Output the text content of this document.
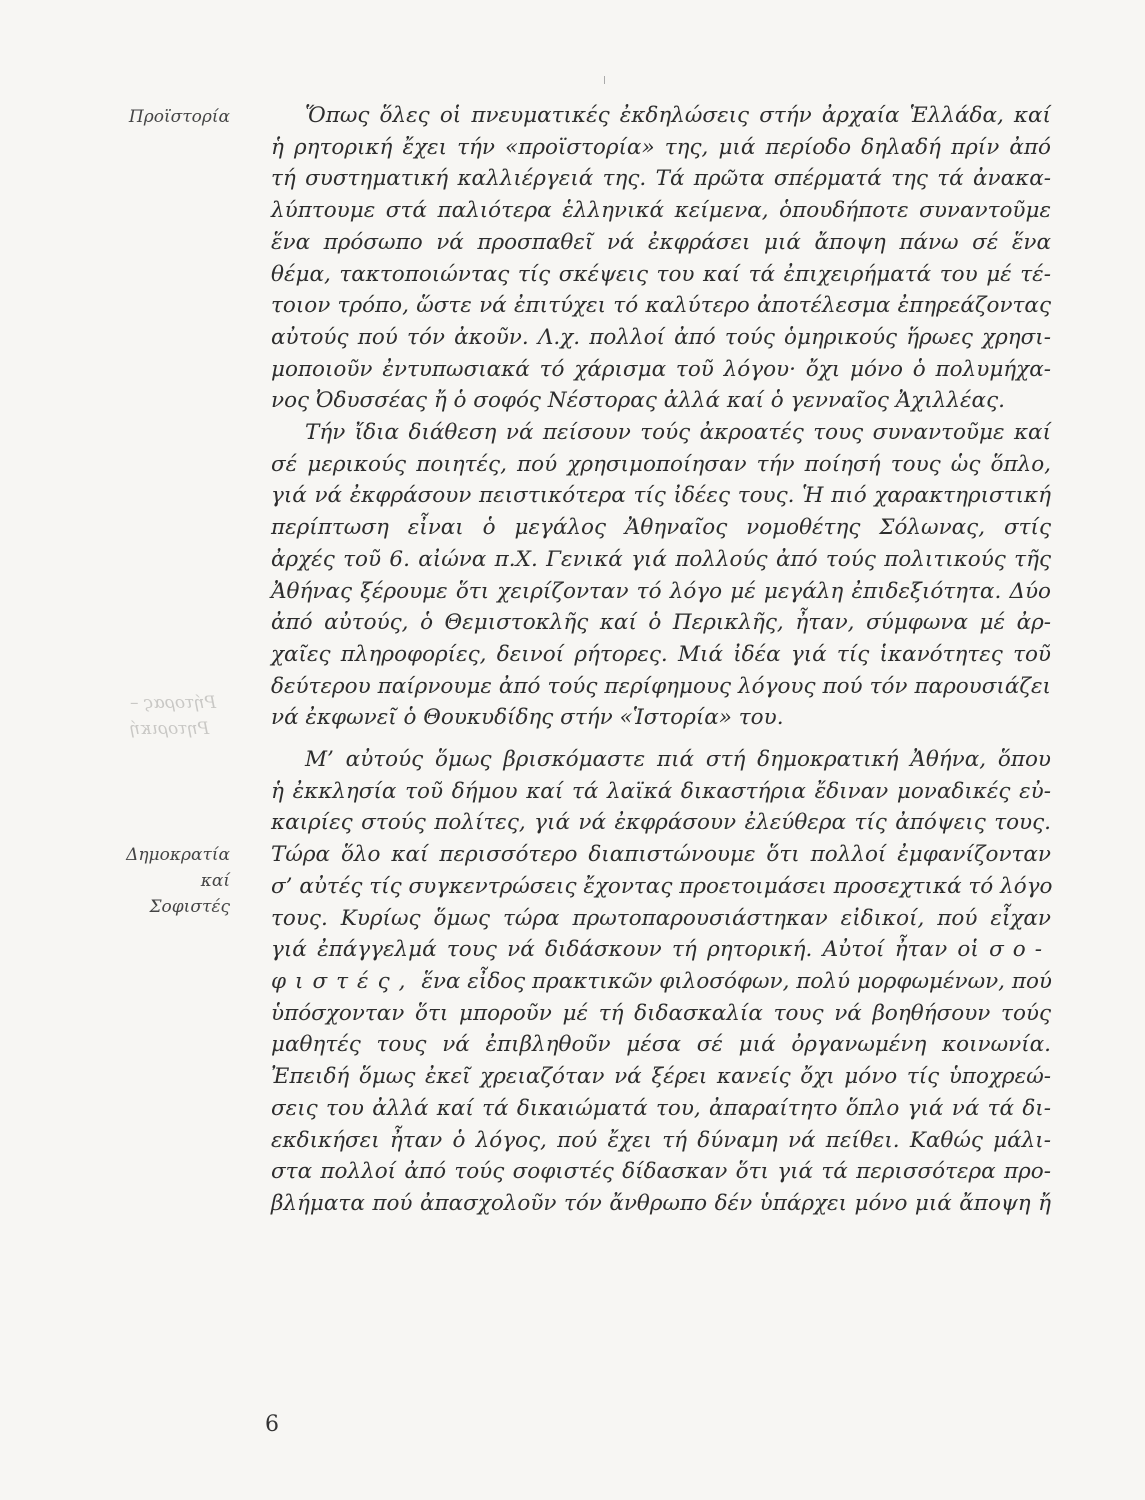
Προϊστορία
Ρήτορας –
Ρητορική
Δημοκρατία
καί
Σοφιστές
Ὅπως ὅλες οἱ πνευματικές ἐκδηλώσεις στήν ἀρχαία Ἑλλάδα, καί
ἡ ρητορική ἔχει τήν «προϊστορία» της, μιά περίοδο δηλαδή πρίν ἀπό
τή συστηματική καλλιέργειά της. Τά πρῶτα σπέρματά της τά ἀνακα-
λύπτουμε στά παλιότερα ἑλληνικά κείμενα, ὁπουδήποτε συναντοῦμε
ἕνα πρόσωπο νά προσπαθεῖ νά ἐκφράσει μιά ἄποψη πάνω σέ ἕνα
θέμα, τακτοποιώντας τίς σκέψεις του καί τά ἐπιχειρήματά του μέ τέ-
τοιον τρόπο, ὥστε νά ἐπιτύχει τό καλύτερο ἀποτέλεσμα ἐπηρεάζοντας
αὐτούς πού τόν ἀκοῦν. Λ.χ. πολλοί ἀπό τούς ὁμηρικούς ἥρωες χρησι-
μοποιοῦν ἐντυπωσιακά τό χάρισμα τοῦ λόγου· ὄχι μόνο ὁ πολυμήχα-
νος Ὀδυσσέας ἤ ὁ σοφός Νέστορας ἀλλά καί ὁ γενναῖος Ἀχιλλέας.
Τήν ἴδια διάθεση νά πείσουν τούς ἀκροατές τους συναντοῦμε καί
σέ μερικούς ποιητές, πού χρησιμοποίησαν τήν ποίησή τους ὡς ὅπλο,
γιά νά ἐκφράσουν πειστικότερα τίς ἰδέες τους. Ἡ πιό χαρακτηριστική
περίπτωση εἶναι ὁ μεγάλος Ἀθηναῖος νομοθέτης Σόλωνας, στίς
ἀρχές τοῦ 6. αἰώνα π.Χ. Γενικά γιά πολλούς ἀπό τούς πολιτικούς τῆς
Ἀθήνας ξέρουμε ὅτι χειρίζονταν τό λόγο μέ μεγάλη ἐπιδεξιότητα. Δύο
ἀπό αὐτούς, ὁ Θεμιστοκλῆς καί ὁ Περικλῆς, ἦταν, σύμφωνα μέ ἀρ-
χαῖες πληροφορίες, δεινοί ρήτορες. Μιά ἰδέα γιά τίς ἱκανότητες τοῦ
δεύτερου παίρνουμε ἀπό τούς περίφημους λόγους πού τόν παρουσιάζει
νά ἐκφωνεῖ ὁ Θουκυδίδης στήν «Ἱστορία» του.
Μ’ αὐτούς ὅμως βρισκόμαστε πιά στή δημοκρατική Ἀθήνα, ὅπου
ἡ ἐκκλησία τοῦ δήμου καί τά λαϊκά δικαστήρια ἔδιναν μοναδικές εὐ-
καιρίες στούς πολίτες, γιά νά ἐκφράσουν ἐλεύθερα τίς ἀπόψεις τους.
Τώρα ὅλο καί περισσότερο διαπιστώνουμε ὅτι πολλοί ἐμφανίζονταν
σ’ αὐτές τίς συγκεντρώσεις ἔχοντας προετοιμάσει προσεχτικά τό λόγο
τους. Κυρίως ὅμως τώρα πρωτοπαρουσιάστηκαν εἰδικοί, πού εἶχαν
γιά ἐπάγγελμά τους νά διδάσκουν τή ρητορική. Αὐτοί ἦταν οἱ σο-
φιστές, ἕνα εἶδος πρακτικῶν φιλοσόφων, πολύ μορφωμένων, πού
ὑπόσχονταν ὅτι μποροῦν μέ τή διδασκαλία τους νά βοηθήσουν τούς
μαθητές τους νά ἐπιβληθοῦν μέσα σέ μιά ὀργανωμένη κοινωνία.
Ἐπειδή ὅμως ἐκεῖ χρειαζόταν νά ξέρει κανείς ὄχι μόνο τίς ὑποχρεώ-
σεις του ἀλλά καί τά δικαιώματά του, ἀπαραίτητο ὅπλο γιά νά τά δι-
εκδικήσει ἦταν ὁ λόγος, πού ἔχει τή δύναμη νά πείθει. Καθώς μάλι-
στα πολλοί ἀπό τούς σοφιστές δίδασκαν ὅτι γιά τά περισσότερα προ-
βλήματα πού ἀπασχολοῦν τόν ἄνθρωπο δέν ὑπάρχει μόνο μιά ἄποψη ἤ
6
